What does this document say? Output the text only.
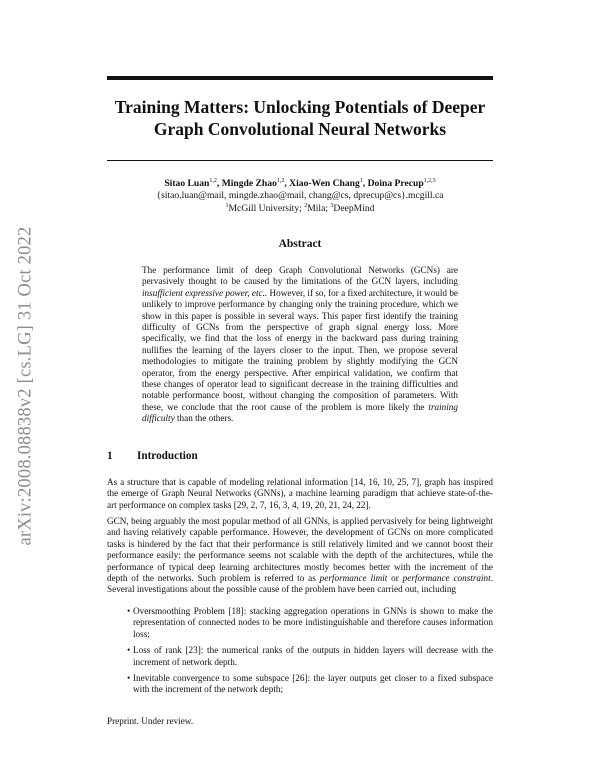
arXiv:2008.08838v2 [cs.LG] 31 Oct 2022
Training Matters: Unlocking Potentials of Deeper
Graph Convolutional Neural Networks
Sitao Luan$^{1,2}$, Mingde Zhao$^{1,2}$, Xiao-Wen Chang$^1$, Doina Precup$^{1,2,3}$
{sitao.luan@mail, mingde.zhao@mail, chang@cs, dprecup@cs}.mcgill.ca
$^1$McGill University; $^2$Mila; $^3$DeepMind
Abstract
The performance limit of deep Graph Convolutional Networks (GCNs) are pervasively thought to be caused by the limitations of the GCN layers, including insufficient expressive power, etc.. However, if so, for a fixed architecture, it would be unlikely to improve performance by changing only the training procedure, which we show in this paper is possible in several ways. This paper first identify the training difficulty of GCNs from the perspective of graph signal energy loss. More specifically, we find that the loss of energy in the backward pass during training nullifies the learning of the layers closer to the input. Then, we propose several methodologies to mitigate the training problem by slightly modifying the GCN operator, from the energy perspective. After empirical validation, we confirm that these changes of operator lead to significant decrease in the training difficulties and notable performance boost, without changing the composition of parameters. With these, we conclude that the root cause of the problem is more likely the training difficulty than the others.
1 Introduction

As a structure that is capable of modeling relational information [14, 16, 10, 25, 7], graph has inspired the emerge of Graph Neural Networks (GNNs), a machine learning paradigm that achieve state-of-the-art performance on complex tasks [29, 2, 7, 16, 3, 4, 19, 20, 21, 24, 22].

GCN, being arguably the most popular method of all GNNs, is applied pervasively for being lightweight and having relatively capable performance. However, the development of GCNs on more complicated tasks is hindered by the fact that their performance is still relatively limited and we cannot boost their performance easily: the performance seems not scalable with the depth of the architectures, while the performance of typical deep learning architectures mostly becomes better with the increment of the depth of the networks. Such problem is referred to as performance limit or performance constraint. Several investigations about the possible cause of the problem have been carried out, including

• Oversmoothing Problem [18]: stacking aggregation operations in GNNs is shown to make the representation of connected nodes to be more indistinguishable and therefore causes information loss;
• Loss of rank [23]: the numerical ranks of the outputs in hidden layers will decrease with the increment of network depth.
• Inevitable convergence to some subspace [26]: the layer outputs get closer to a fixed subspace with the increment of the network depth;
Preprint. Under review.
